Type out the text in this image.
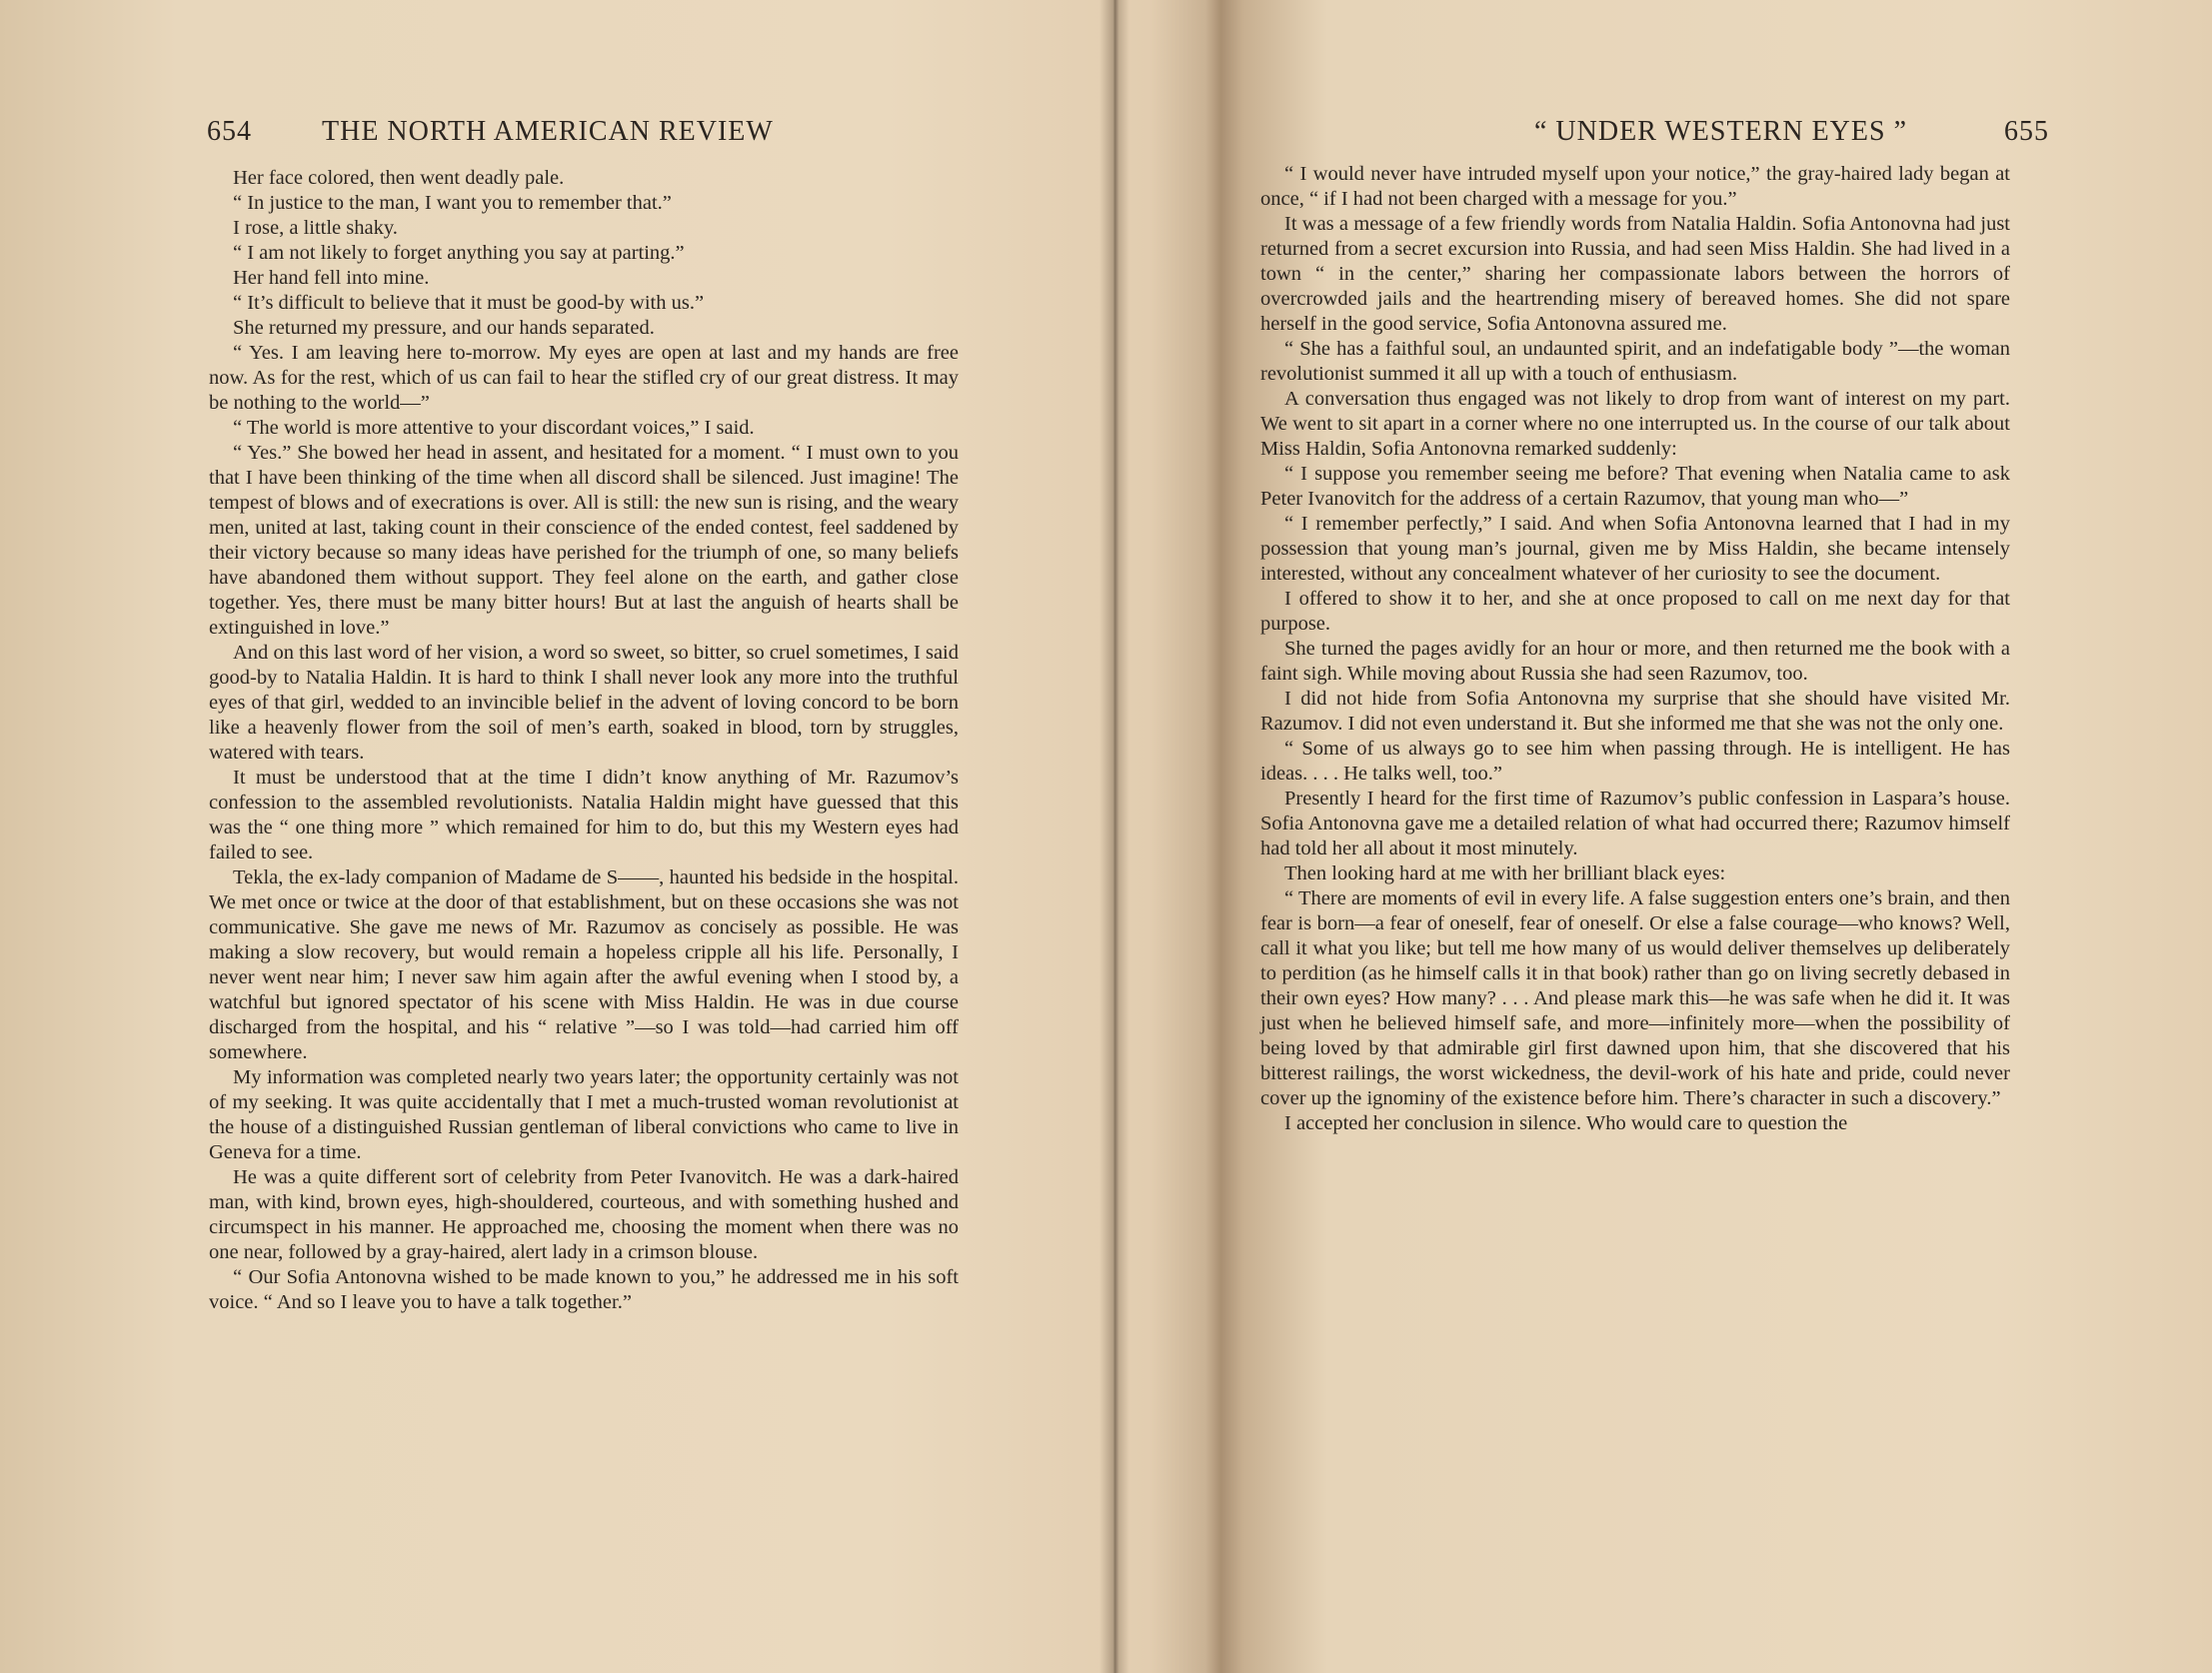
654	THE NORTH AMERICAN REVIEW

Her face colored, then went deadly pale.

“ In justice to the man, I want you to remember that.”

I rose, a little shaky.

“ I am not likely to forget anything you say at parting.”

Her hand fell into mine.

“ It’s difficult to believe that it must be good-by with us.”

She returned my pressure, and our hands separated.

“ Yes. I am leaving here to-morrow. My eyes are open at last and my hands are free now. As for the rest, which of us can fail to hear the stifled cry of our great distress. It may be nothing to the world—”

“ The world is more attentive to your discordant voices,” I said.

“ Yes.” She bowed her head in assent, and hesitated for a moment. “ I must own to you that I have been thinking of the time when all discord shall be silenced. Just imagine! The tempest of blows and of execrations is over. All is still: the new sun is rising, and the weary men, united at last, taking count in their conscience of the ended contest, feel saddened by their victory because so many ideas have perished for the triumph of one, so many beliefs have abandoned them without support. They feel alone on the earth, and gather close together. Yes, there must be many bitter hours! But at last the anguish of hearts shall be extinguished in love.”

And on this last word of her vision, a word so sweet, so bitter, so cruel sometimes, I said good-by to Natalia Haldin. It is hard to think I shall never look any more into the truthful eyes of that girl, wedded to an invincible belief in the advent of loving concord to be born like a heavenly flower from the soil of men’s earth, soaked in blood, torn by struggles, watered with tears.

It must be understood that at the time I didn’t know anything of Mr. Razumov’s confession to the assembled revolutionists. Natalia Haldin might have guessed that this was the “ one thing more ” which remained for him to do, but this my Western eyes had failed to see.

Tekla, the ex-lady companion of Madame de S——, haunted his bedside in the hospital. We met once or twice at the door of that establishment, but on these occasions she was not communicative. She gave me news of Mr. Razumov as concisely as possible. He was making a slow recovery, but would remain a hopeless cripple all his life. Personally, I never went near him; I never saw him again after the awful evening when I stood by, a watchful but ignored spectator of his scene with Miss Haldin. He was in due course discharged from the hospital, and his “ relative ”—so I was told—had carried him off somewhere.

My information was completed nearly two years later; the opportunity certainly was not of my seeking. It was quite accidentally that I met a much-trusted woman revolutionist at the house of a distinguished Russian gentleman of liberal convictions who came to live in Geneva for a time.

He was a quite different sort of celebrity from Peter Ivanovitch. He was a dark-haired man, with kind, brown eyes, high-shouldered, courteous, and with something hushed and circumspect in his manner. He approached me, choosing the moment when there was no one near, followed by a gray-haired, alert lady in a crimson blouse.

“ Our Sofia Antonovna wished to be made known to you,” he addressed me in his soft voice. “ And so I leave you to have a talk together.”

“ UNDER WESTERN EYES ”	655

“ I would never have intruded myself upon your notice,” the gray-haired lady began at once, “ if I had not been charged with a message for you.”

It was a message of a few friendly words from Natalia Haldin. Sofia Antonovna had just returned from a secret excursion into Russia, and had seen Miss Haldin. She had lived in a town “ in the center,” sharing her compassionate labors between the horrors of overcrowded jails and the heartrending misery of bereaved homes. She did not spare herself in the good service, Sofia Antonovna assured me.

“ She has a faithful soul, an undaunted spirit, and an indefatigable body ”—the woman revolutionist summed it all up with a touch of enthusiasm.

A conversation thus engaged was not likely to drop from want of interest on my part. We went to sit apart in a corner where no one interrupted us. In the course of our talk about Miss Haldin, Sofia Antonovna remarked suddenly:

“ I suppose you remember seeing me before? That evening when Natalia came to ask Peter Ivanovitch for the address of a certain Razumov, that young man who—”

“ I remember perfectly,” I said. And when Sofia Antonovna learned that I had in my possession that young man’s journal, given me by Miss Haldin, she became intensely interested, without any concealment whatever of her curiosity to see the document.

I offered to show it to her, and she at once proposed to call on me next day for that purpose.

She turned the pages avidly for an hour or more, and then returned me the book with a faint sigh. While moving about Russia she had seen Razumov, too.

I did not hide from Sofia Antonovna my surprise that she should have visited Mr. Razumov. I did not even understand it. But she informed me that she was not the only one.

“ Some of us always go to see him when passing through. He is intelligent. He has ideas. . . . He talks well, too.”

Presently I heard for the first time of Razumov’s public confession in Laspara’s house. Sofia Antonovna gave me a detailed relation of what had occurred there; Razumov himself had told her all about it most minutely.

Then looking hard at me with her brilliant black eyes:

“ There are moments of evil in every life. A false suggestion enters one’s brain, and then fear is born—a fear of oneself, fear of oneself. Or else a false courage—who knows? Well, call it what you like; but tell me how many of us would deliver themselves up deliberately to perdition (as he himself calls it in that book) rather than go on living secretly debased in their own eyes? How many? . . . And please mark this—he was safe when he did it. It was just when he believed himself safe, and more—infinitely more—when the possibility of being loved by that admirable girl first dawned upon him, that she discovered that his bitterest railings, the worst wickedness, the devil-work of his hate and pride, could never cover up the ignominy of the existence before him. There’s character in such a discovery.”

I accepted her conclusion in silence. Who would care to question the
